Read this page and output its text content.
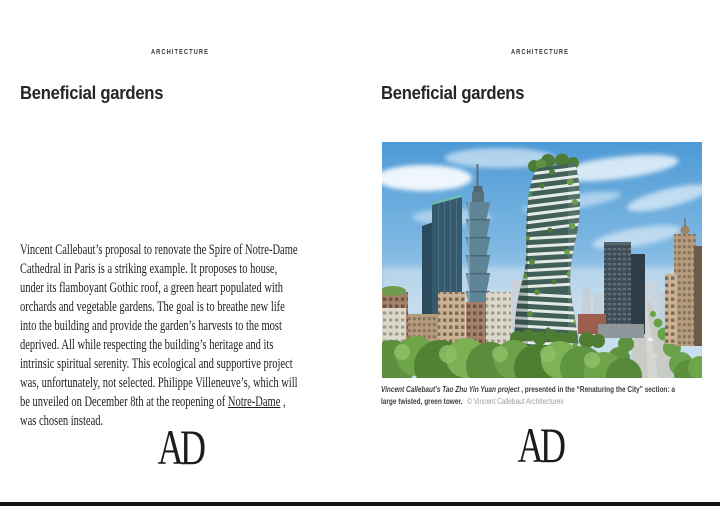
ARCHITECTURE
Beneficial gardens
Vincent Callebaut’s proposal to renovate the Spire of Notre-Dame
Cathedral in Paris is a striking example. It proposes to house,
under its flamboyant Gothic roof, a green heart populated with
orchards and vegetable gardens. The goal is to breathe new life
into the building and provide the garden’s harvests to the most
deprived. All while respecting the building’s heritage and its
intrinsic spiritual serenity. This ecological and supportive project
was, unfortunately, not selected. Philippe Villeneuve’s, which will
be unveiled on December 8th at the reopening of Notre-Dame ,
was chosen instead.	AD
ARCHITECTURE
Beneficial gardens
Vincent Callebaut’s Tao Zhu Yin Yuan project , presented in the “Renaturing the City” section: a
large twisted, green tower. © Vincent Callebaut Architectures
AD
